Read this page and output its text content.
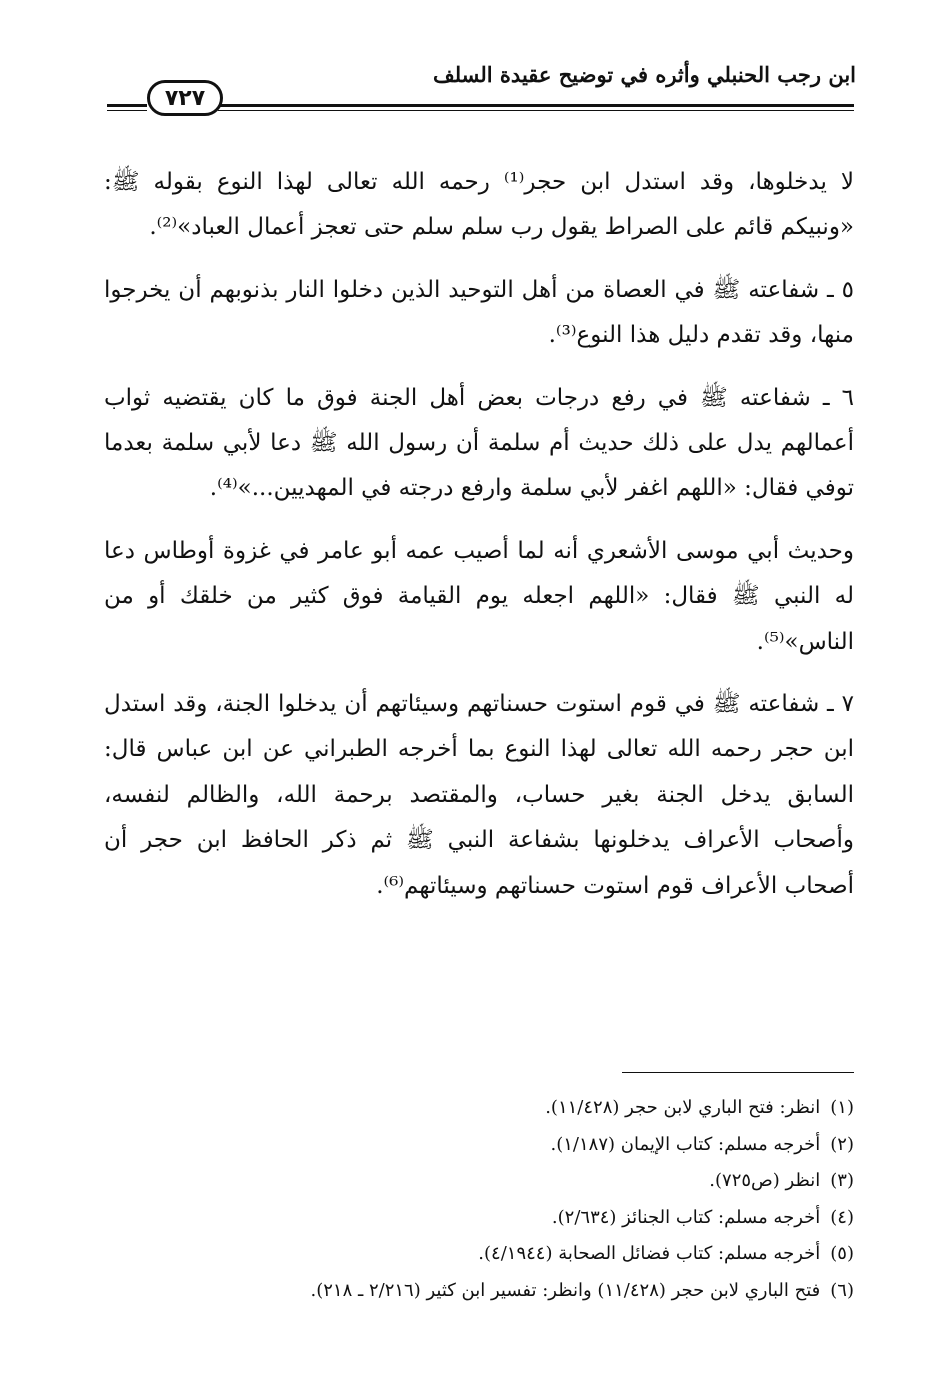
ابن رجب الحنبلي وأثره في توضيح عقيدة السلف
٧٢٧

لا يدخلوها، وقد استدل ابن حجر⁽¹⁾ رحمه الله تعالى لهذا النوع بقوله ﷺ: «ونبيكم قائم على الصراط يقول رب سلم سلم حتى تعجز أعمال العباد»⁽²⁾.

٥ ـ شفاعته ﷺ في العصاة من أهل التوحيد الذين دخلوا النار بذنوبهم أن يخرجوا منها، وقد تقدم دليل هذا النوع⁽³⁾.

٦ ـ شفاعته ﷺ في رفع درجات بعض أهل الجنة فوق ما كان يقتضيه ثواب أعمالهم يدل على ذلك حديث أم سلمة أن رسول الله ﷺ دعا لأبي سلمة بعدما توفي فقال: «اللهم اغفر لأبي سلمة وارفع درجته في المهديين...»⁽⁴⁾.

وحديث أبي موسى الأشعري أنه لما أصيب عمه أبو عامر في غزوة أوطاس دعا له النبي ﷺ فقال: «اللهم اجعله يوم القيامة فوق كثير من خلقك أو من الناس»⁽⁵⁾.

٧ ـ شفاعته ﷺ في قوم استوت حسناتهم وسيئاتهم أن يدخلوا الجنة، وقد استدل ابن حجر رحمه الله تعالى لهذا النوع بما أخرجه الطبراني عن ابن عباس قال: السابق يدخل الجنة بغير حساب، والمقتصد برحمة الله، والظالم لنفسه، وأصحاب الأعراف يدخلونها بشفاعة النبي ﷺ ثم ذكر الحافظ ابن حجر أن أصحاب الأعراف قوم استوت حسناتهم وسيئاتهم⁽⁶⁾.

(١)
انظر: فتح الباري لابن حجر (١١/٤٢٨).
(٢)
أخرجه مسلم: كتاب الإيمان (١/١٨٧).
(٣)
انظر (ص٧٢٥).
(٤)
أخرجه مسلم: كتاب الجنائز (٢/٦٣٤).
(٥)
أخرجه مسلم: كتاب فضائل الصحابة (٤/١٩٤٤).
(٦)
فتح الباري لابن حجر (١١/٤٢٨) وانظر: تفسير ابن كثير (٢/٢١٦ ـ ٢١٨).
